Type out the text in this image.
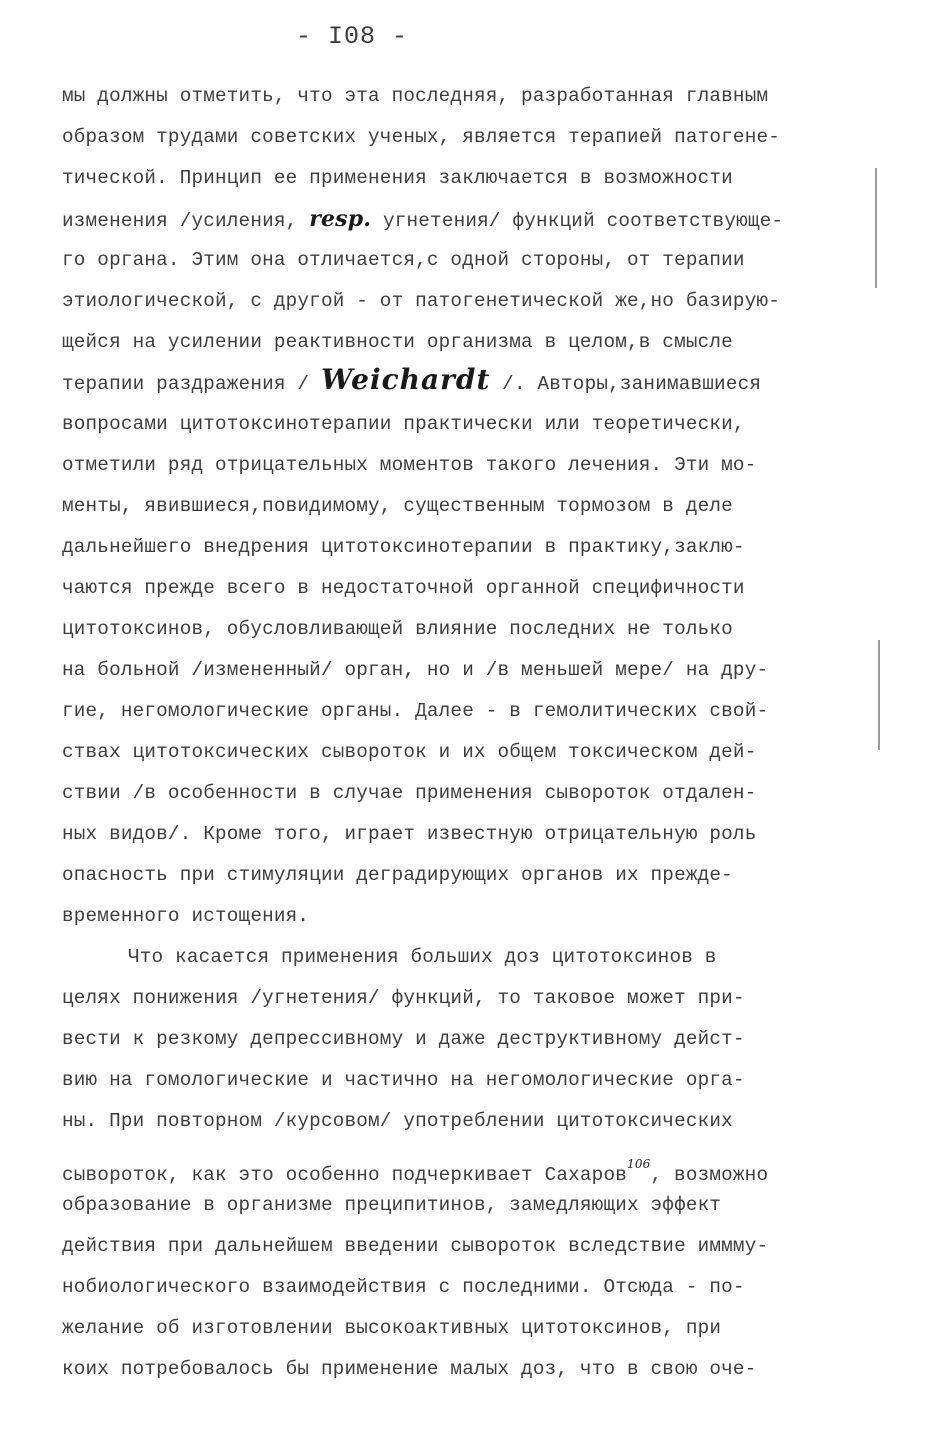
- I08 -
мы должны отметить, что эта последняя, разработанная главным
образом трудами советских ученых, является терапией патогене-
тической. Принцип ее применения заключается в возможности
изменения /усиления, resp. угнетения/ функций соответствующе-
го органа. Этим она отличается,с одной стороны, от терапии
этиологической, с другой - от патогенетической же,но базирую-
щейся на усилении реактивности организма в целом,в смысле
терапии раздражения / Weichardt /. Авторы,занимавшиеся
вопросами цитотоксинотерапии практически или теоретически,
отметили ряд отрицательных моментов такого лечения. Эти мо-
менты, явившиеся,повидимому, существенным тормозом в деле
дальнейшего внедрения цитотоксинотерапии в практику,заклю-
чаются прежде всего в недостаточной органной специфичности
цитотоксинов, обусловливающей влияние последних не только
на больной /измененный/ орган, но и /в меньшей мере/ на дру-
гие, негомологические органы. Далее - в гемолитических свой-
ствах цитотоксических сывороток и их общем токсическом дей-
ствии /в особенности в случае применения сывороток отдален-
ных видов/. Кроме того, играет известную отрицательную роль
опасность при стимуляции деградирующих органов их прежде-
временного истощения.
Что касается применения больших доз цитотоксинов в
целях понижения /угнетения/ функций, то таковое может при-
вести к резкому депрессивному и даже деструктивному дейст-
вию на гомологические и частично на негомологические орга-
ны. При повторном /курсовом/ употреблении цитотоксических
сывороток, как это особенно подчеркивает Сахаров$^{106}$, возможно
образование в организме преципитинов, замедляющих эффект
действия при дальнейшем введении сывороток вследствие иммму-
нобиологического взаимодействия с последними. Отсюда - по-
желание об изготовлении высокоактивных цитотоксинов, при
коих потребовалось бы применение малых доз, что в свою оче-
